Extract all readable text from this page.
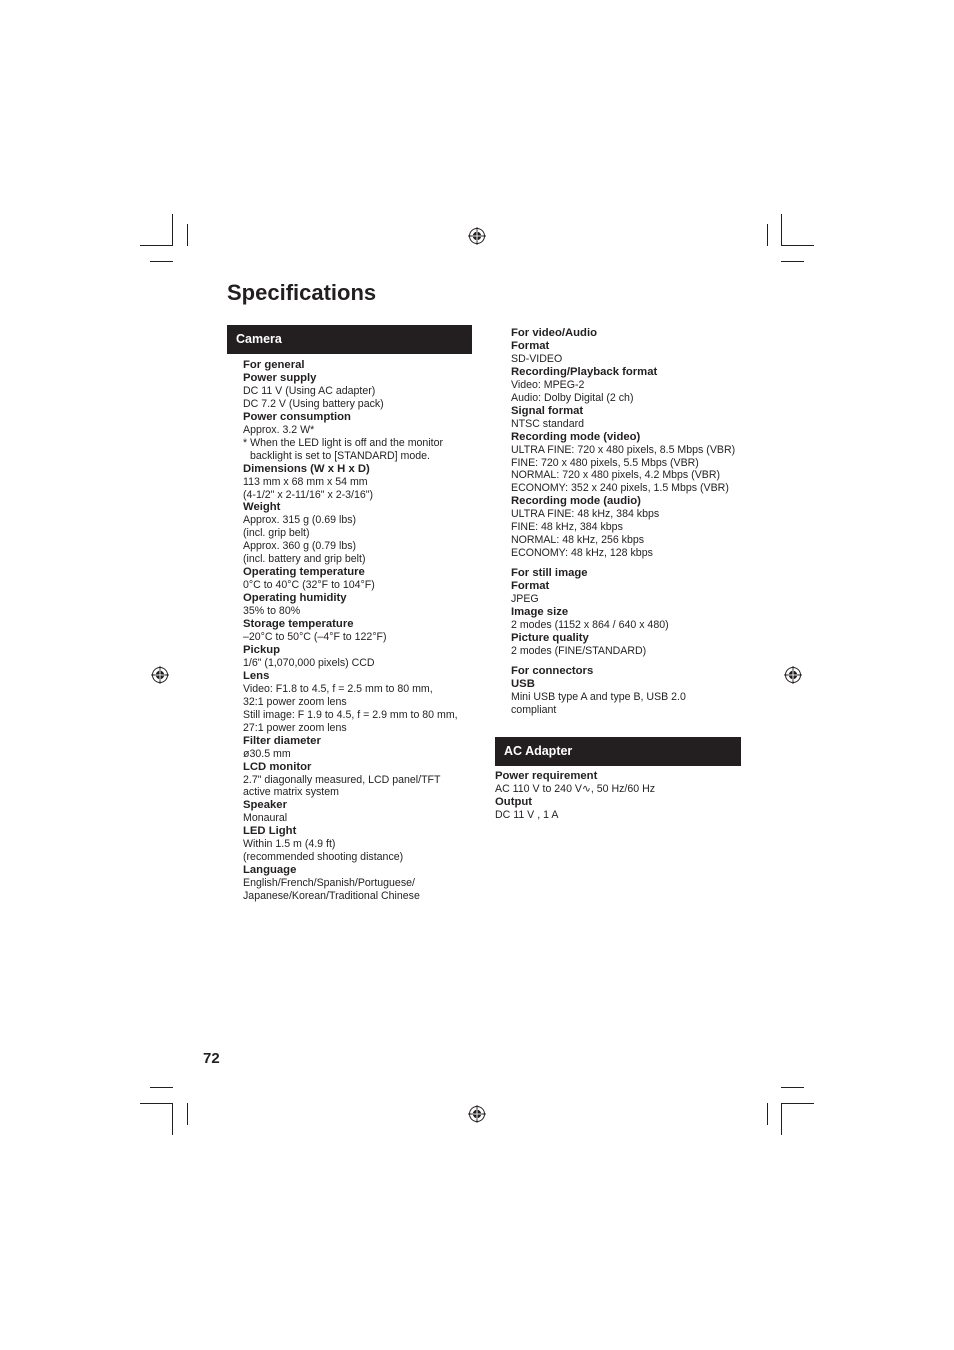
Specifications
Camera
For general
Power supply
DC 11 V (Using AC adapter)
DC 7.2 V (Using battery pack)
Power consumption
Approx. 3.2 W*
* When the LED light is off and the monitor
backlight is set to [STANDARD] mode.
Dimensions (W x H x D)
113 mm x 68 mm x 54 mm
(4-1/2" x 2-11/16" x 2-3/16")
Weight
Approx. 315 g (0.69 lbs)
(incl. grip belt)
Approx. 360 g (0.79 lbs)
(incl. battery and grip belt)
Operating temperature
0°C to 40°C (32°F to 104°F)
Operating humidity
35% to 80%
Storage temperature
–20°C to 50°C (–4°F to 122°F)
Pickup
1/6" (1,070,000 pixels) CCD
Lens
Video: F1.8 to 4.5, f = 2.5 mm to 80 mm,
32:1 power zoom lens
Still image: F 1.9 to 4.5, f = 2.9 mm to 80 mm,
27:1 power zoom lens
Filter diameter
ø30.5 mm
LCD monitor
2.7" diagonally measured, LCD panel/TFT
active matrix system
Speaker
Monaural
LED Light
Within 1.5 m (4.9 ft)
(recommended shooting distance)
Language
English/French/Spanish/Portuguese/
Japanese/Korean/Traditional Chinese
For video/Audio
Format
SD-VIDEO
Recording/Playback format
Video: MPEG-2
Audio: Dolby Digital (2 ch)
Signal format
NTSC standard
Recording mode (video)
ULTRA FINE: 720 x 480 pixels, 8.5 Mbps (VBR)
FINE: 720 x 480 pixels, 5.5 Mbps (VBR)
NORMAL: 720 x 480 pixels, 4.2 Mbps (VBR)
ECONOMY: 352 x 240 pixels, 1.5 Mbps (VBR)
Recording mode (audio)
ULTRA FINE: 48 kHz, 384 kbps
FINE: 48 kHz, 384 kbps
NORMAL: 48 kHz, 256 kbps
ECONOMY: 48 kHz, 128 kbps
For still image
Format
JPEG
Image size
2 modes (1152 x 864 / 640 x 480)
Picture quality
2 modes (FINE/STANDARD)
For connectors
USB
Mini USB type A and type B, USB 2.0
compliant
AC Adapter
Power requirement
AC 110 V to 240 V∿, 50 Hz/60 Hz
Output
DC 11 V , 1 A
72
